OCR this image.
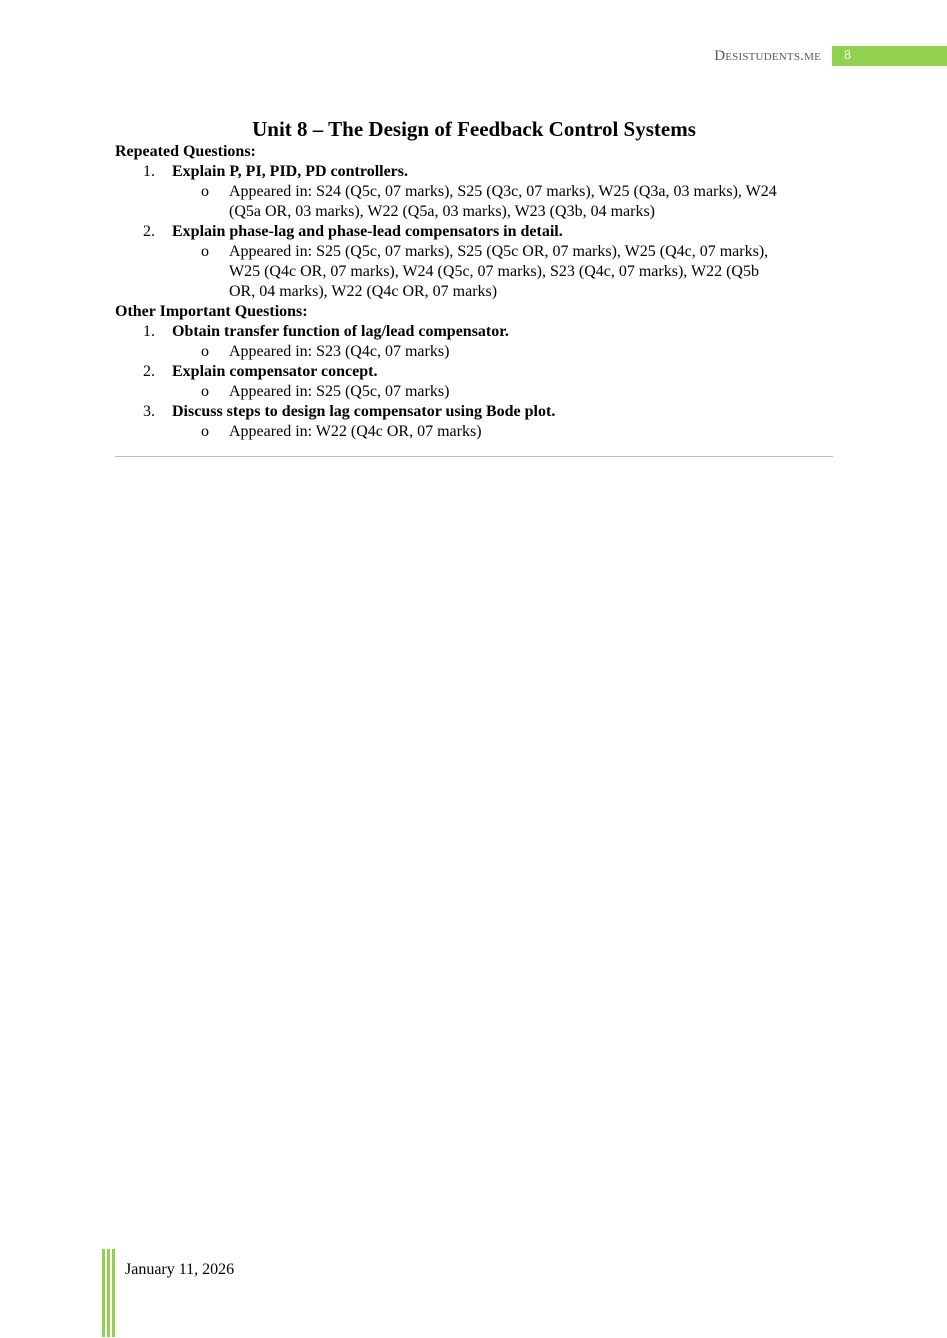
Desistudents.me	8
Unit 8 – The Design of Feedback Control Systems

Repeated Questions:

1. Explain P, PI, PID, PD controllers.
o Appeared in: S24 (Q5c, 07 marks), S25 (Q3c, 07 marks), W25 (Q3a, 03 marks), W24
(Q5a OR, 03 marks), W22 (Q5a, 03 marks), W23 (Q3b, 04 marks)
2. Explain phase-lag and phase-lead compensators in detail.
o Appeared in: S25 (Q5c, 07 marks), S25 (Q5c OR, 07 marks), W25 (Q4c, 07 marks),
W25 (Q4c OR, 07 marks), W24 (Q5c, 07 marks), S23 (Q4c, 07 marks), W22 (Q5b
OR, 04 marks), W22 (Q4c OR, 07 marks)

Other Important Questions:

1. Obtain transfer function of lag/lead compensator.
o Appeared in: S23 (Q4c, 07 marks)
2. Explain compensator concept.
o Appeared in: S25 (Q5c, 07 marks)
3. Discuss steps to design lag compensator using Bode plot.
o Appeared in: W22 (Q4c OR, 07 marks)
January 11, 2026
